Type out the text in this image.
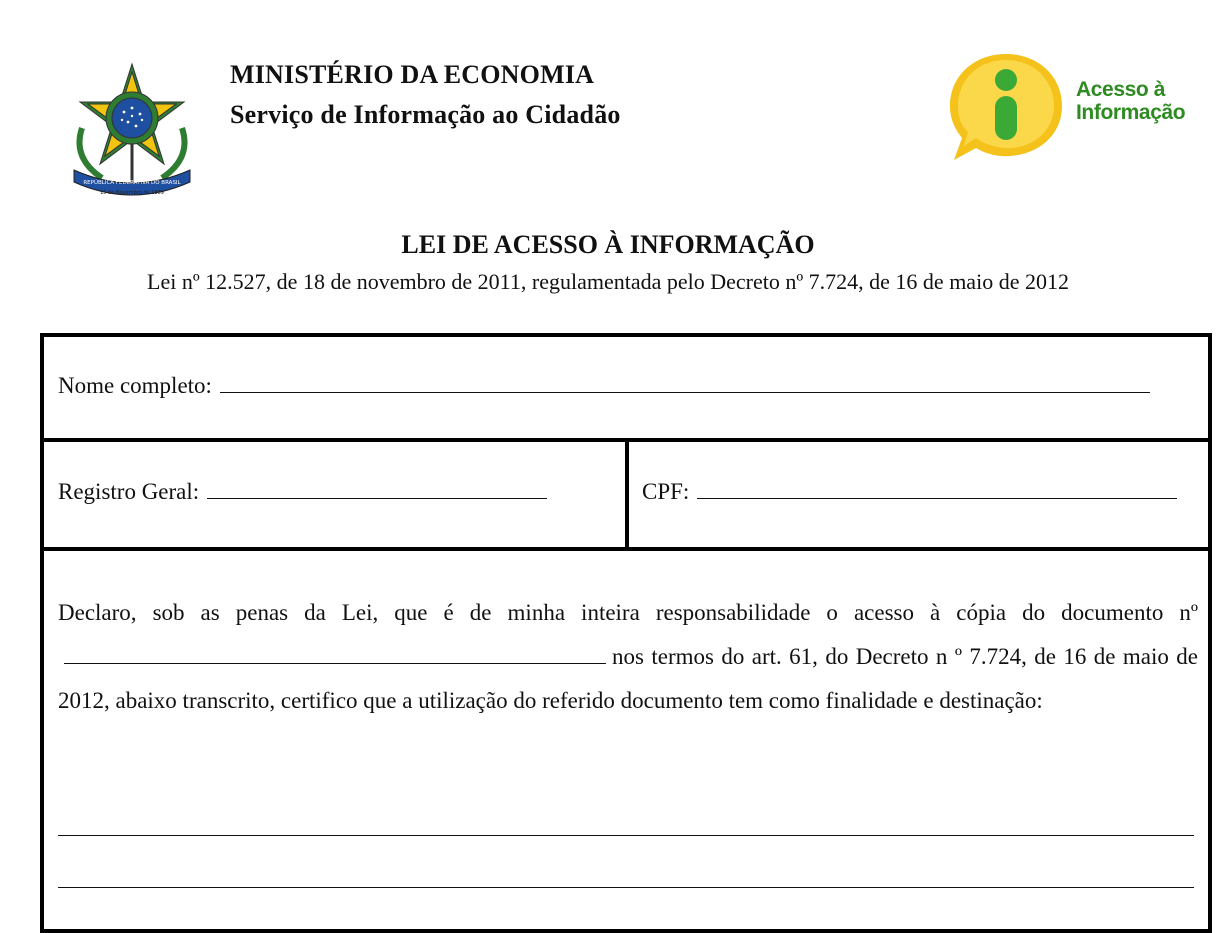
REPÚBLICA FEDERATIVA DO BRASIL
15 de Novembro de 1889
MINISTÉRIO DA ECONOMIA
Serviço de Informação ao Cidadão
Acesso à
Informação
LEI DE ACESSO À INFORMAÇÃO
Lei nº 12.527, de 18 de novembro de 2011, regulamentada pelo Decreto nº 7.724, de 16 de maio de 2012
Nome completo:
Registro Geral:	CPF:

Declaro, sob as penas da Lei, que é de minha inteira responsabilidade o acesso à cópia do documento nºnos termos do art. 61, do Decreto n º 7.724, de 16 de maio de 2012, abaixo transcrito, certifico que a utilização do referido documento tem como finalidade e destinação:
